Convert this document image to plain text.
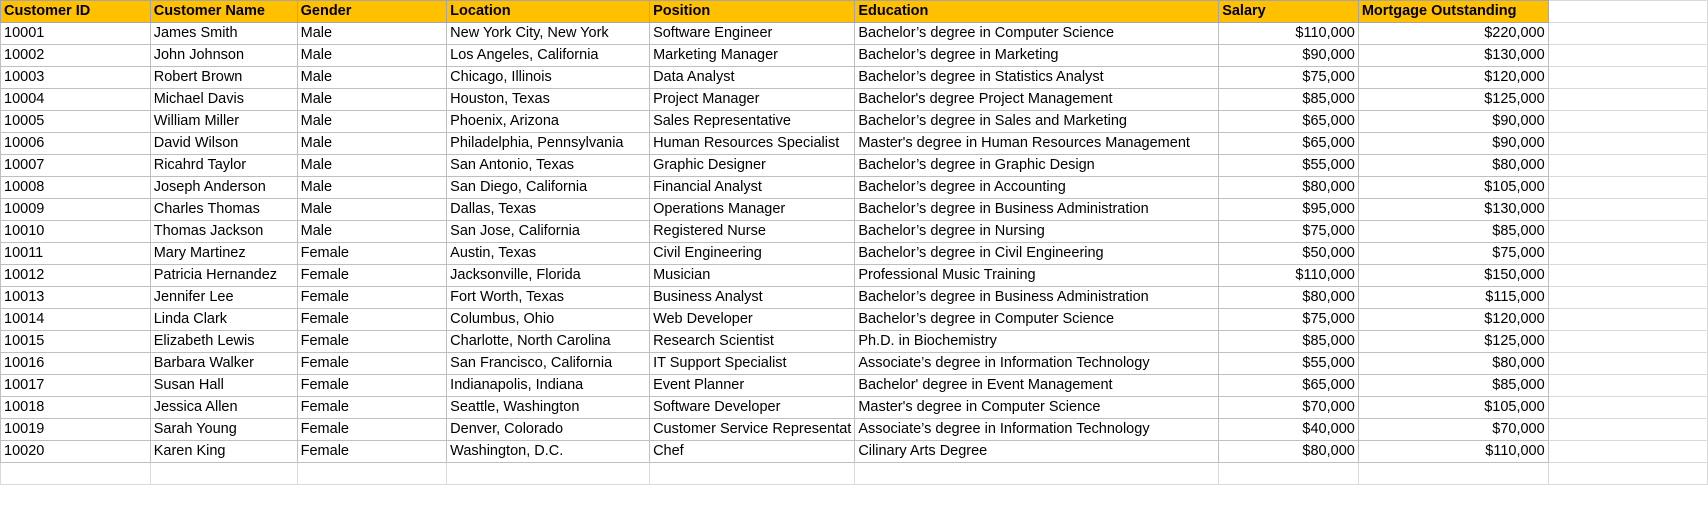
Customer ID	Customer Name	Gender	Location	Position	Education	Salary	Mortgage Outstanding	
10001	James Smith	Male	New York City, New York	Software Engineer	Bachelor’s degree in Computer Science	$110,000	$220,000	
10002	John Johnson	Male	Los Angeles, California	Marketing Manager	Bachelor’s degree in Marketing	$90,000	$130,000	
10003	Robert Brown	Male	Chicago, Illinois	Data Analyst	Bachelor’s degree in Statistics Analyst	$75,000	$120,000	
10004	Michael Davis	Male	Houston, Texas	Project Manager	Bachelor's degree Project Management	$85,000	$125,000	
10005	William Miller	Male	Phoenix, Arizona	Sales Representative	Bachelor’s degree in Sales and Marketing	$65,000	$90,000	
10006	David Wilson	Male	Philadelphia, Pennsylvania	Human Resources Specialist	Master's degree in Human Resources Management	$65,000	$90,000	
10007	Ricahrd Taylor	Male	San Antonio, Texas	Graphic Designer	Bachelor’s degree in Graphic Design	$55,000	$80,000	
10008	Joseph Anderson	Male	San Diego, California	Financial Analyst	Bachelor’s degree in Accounting	$80,000	$105,000	
10009	Charles Thomas	Male	Dallas, Texas	Operations Manager	Bachelor’s degree in Business Administration	$95,000	$130,000	
10010	Thomas Jackson	Male	San Jose, California	Registered Nurse	Bachelor’s degree in Nursing	$75,000	$85,000	
10011	Mary Martinez	Female	Austin, Texas	Civil Engineering	Bachelor’s degree in Civil Engineering	$50,000	$75,000	
10012	Patricia Hernandez	Female	Jacksonville, Florida	Musician	Professional Music Training	$110,000	$150,000	
10013	Jennifer Lee	Female	Fort Worth, Texas	Business Analyst	Bachelor’s degree in Business Administration	$80,000	$115,000	
10014	Linda Clark	Female	Columbus, Ohio	Web Developer	Bachelor’s degree in Computer Science	$75,000	$120,000	
10015	Elizabeth Lewis	Female	Charlotte, North Carolina	Research Scientist	Ph.D. in Biochemistry	$85,000	$125,000	
10016	Barbara Walker	Female	San Francisco, California	IT Support Specialist	Associate’s degree in Information Technology	$55,000	$80,000	
10017	Susan Hall	Female	Indianapolis, Indiana	Event Planner	Bachelor' degree in Event Management	$65,000	$85,000	
10018	Jessica Allen	Female	Seattle, Washington	Software Developer	Master's degree in Computer Science	$70,000	$105,000	
10019	Sarah Young	Female	Denver, Colorado	Customer Service Representat	Associate’s degree in Information Technology	$40,000	$70,000	
10020	Karen King	Female	Washington, D.C.	Chef	Cilinary Arts Degree	$80,000	$110,000	
